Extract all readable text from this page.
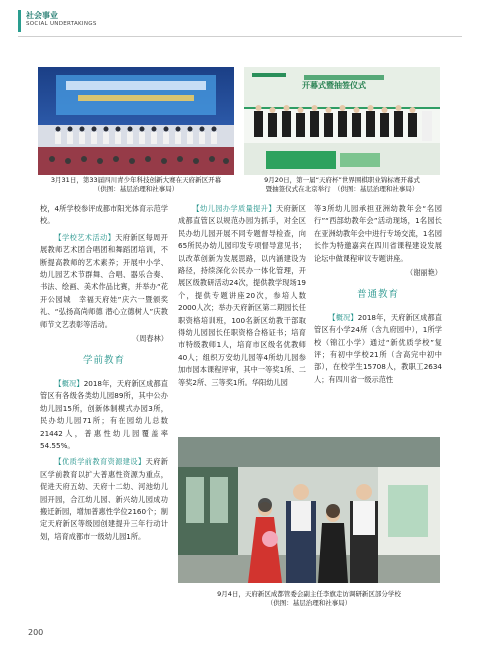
社会事业
SOCIAL UNDERTAKINGS
3月31日，第33届四川青少年科技创新大赛在天府新区开幕
（供图：基层治理和社事局）
开幕式暨抽签仪式
9月20日，第一届“天府杯”世界围棋职业锦标赛开幕式
暨抽签仪式在北京举行　（供图：基层治理和社事局）

校，4所学校参评成都市阳光体育示范学校。

【学校艺术活动】天府新区每周开展教师艺术团合唱团和舞蹈团培训，不断提高教师的艺术素养；开展中小学、幼儿园艺术节群舞、合唱、器乐合奏、书法、绘画、美术作品比赛，并举办“花开公园城　幸福天府娃”庆六一暨颁奖礼、“弘扬高尚师德 潜心立德树人”庆教师节文艺表彰等活动。

（周春林）
学前教育

【概况】2018年，天府新区成都直管区有各级各类幼儿园89所，其中公办幼儿园15所，创新体制模式办园3所，民办幼儿园71所；有在园幼儿总数21442人，普惠性幼儿园覆盖率54.55%。

【优质学前教育资源建设】天府新区学前教育以扩大普惠性资源为重点，促进天府五幼、天府十二幼、河池幼儿园开园，合江幼儿园、新兴幼儿园成功搬迁新园，增加普惠性学位2160个；制定天府新区等级园创建提升三年行动计划，培育成都市一级幼儿园1所。

【幼儿园办学质量提升】天府新区成都直管区以规范办园为抓手，对全区民办幼儿园开展不同专题督导检查，向65所民办幼儿园印发专项督导意见书；以改革创新为发展思路，以内涵建设为路径，持续深化公民办一体化管理，开展区级教研活动24次，提供教学现场19个，提供专题讲座20次，参培人数2000人次；举办天府新区第二期园长任职资格培训班，100名新区幼教干部取得幼儿园园长任职资格合格证书；培育市特级教师1人，培育市区级名优教师40人；组织万安幼儿园等4所幼儿园参加市园本课程评审，其中一等奖1所、二等奖2所、三等奖1所。华阳幼儿园

等3所幼儿园承担亚洲幼教年会“名园行”“西部幼教年会”活动现场，1名园长在亚洲幼教年会中进行专场交流，1名园长作为特邀嘉宾在四川省课程建设发展论坛中做课程审议专题讲座。

（谢丽艳）
普通教育

【概况】2018年，天府新区成都直管区有小学24所（含九府园中），1所学校（锦江小学）通过“新优质学校”复评；有初中学校21所（含高完中初中部），在校学生15708人，教职工2634人；有四川省一级示范性

9月4日，天府新区成都管委会副主任李旗走访调研新区部分学校
（供图：基层治理和社事局）
200
